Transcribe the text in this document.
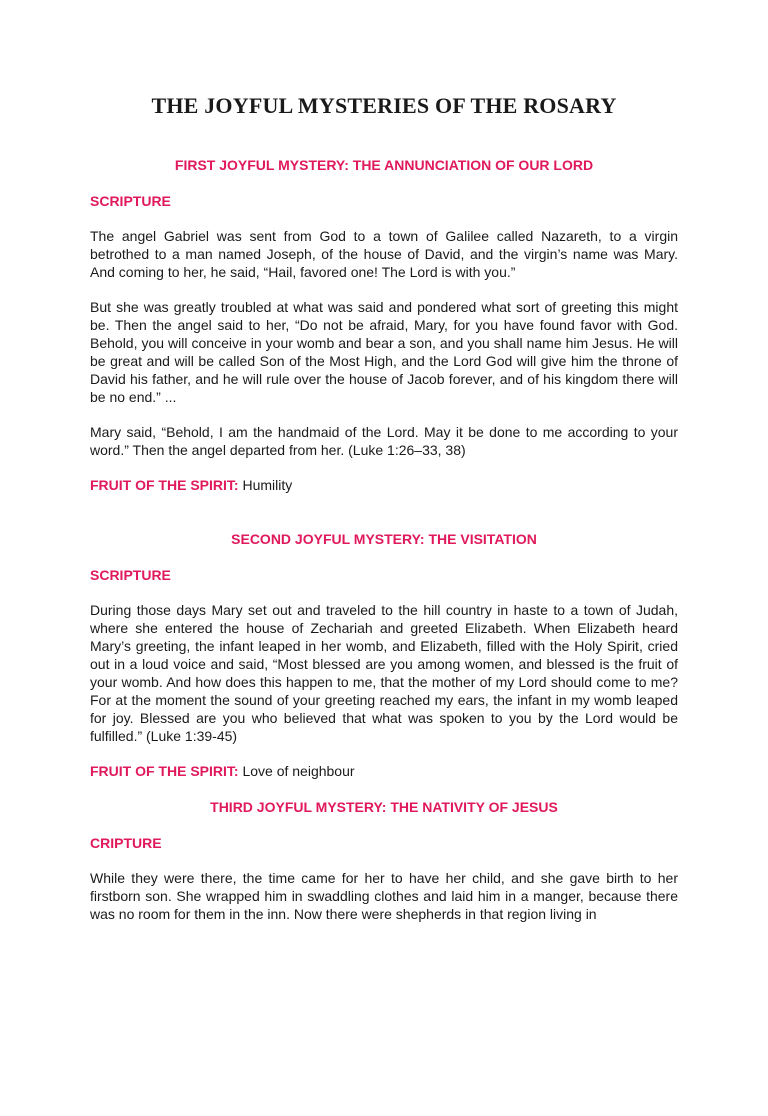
THE JOYFUL MYSTERIES OF THE ROSARY
FIRST JOYFUL MYSTERY: THE ANNUNCIATION OF OUR LORD
SCRIPTURE

The angel Gabriel was sent from God to a town of Galilee called Nazareth, to a virgin betrothed to a man named Joseph, of the house of David, and the virgin’s name was Mary. And coming to her, he said, “Hail, favored one! The Lord is with you.”

But she was greatly troubled at what was said and pondered what sort of greeting this might be. Then the angel said to her, “Do not be afraid, Mary, for you have found favor with God. Behold, you will conceive in your womb and bear a son, and you shall name him Jesus. He will be great and will be called Son of the Most High, and the Lord God will give him the throne of David his father, and he will rule over the house of Jacob forever, and of his kingdom there will be no end.” ...

Mary said, “Behold, I am the handmaid of the Lord. May it be done to me according to your word.” Then the angel departed from her. (Luke 1:26–33, 38)

FRUIT OF THE SPIRIT: Humility
SECOND JOYFUL MYSTERY: THE VISITATION
SCRIPTURE

During those days Mary set out and traveled to the hill country in haste to a town of Judah, where she entered the house of Zechariah and greeted Elizabeth. When Elizabeth heard Mary’s greeting, the infant leaped in her womb, and Elizabeth, filled with the Holy Spirit, cried out in a loud voice and said, “Most blessed are you among women, and blessed is the fruit of your womb. And how does this happen to me, that the mother of my Lord should come to me? For at the moment the sound of your greeting reached my ears, the infant in my womb leaped for joy. Blessed are you who believed that what was spoken to you by the Lord would be fulfilled.” (Luke 1:39-45)

FRUIT OF THE SPIRIT: Love of neighbour
THIRD JOYFUL MYSTERY: THE NATIVITY OF JESUS
CRIPTURE

While they were there, the time came for her to have her child, and she gave birth to her firstborn son. She wrapped him in swaddling clothes and laid him in a manger, because there was no room for them in the inn. Now there were shepherds in that region living in
